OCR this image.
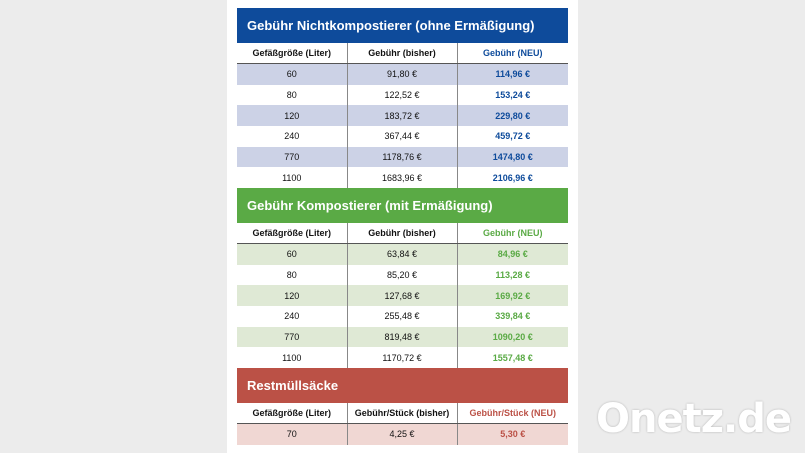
Gebühr Nichtkompostierer (ohne Ermäßigung)
Gefäßgröße (Liter)	Gebühr (bisher)	Gebühr (NEU)
60	91,80 €	114,96 €
80	122,52 €	153,24 €
120	183,72 €	229,80 €
240	367,44 €	459,72 €
770	1178,76 €	1474,80 €
1100	1683,96 €	2106,96 €
Gebühr Kompostierer (mit Ermäßigung)
Gefäßgröße (Liter)	Gebühr (bisher)	Gebühr (NEU)
60	63,84 €	84,96 €
80	85,20 €	113,28 €
120	127,68 €	169,92 €
240	255,48 €	339,84 €
770	819,48 €	1090,20 €
1100	1170,72 €	1557,48 €
Restmüllsäcke
Gefäßgröße (Liter)	Gebühr/Stück (bisher)	Gebühr/Stück (NEU)
70	4,25 €	5,30 € Onetz.de
